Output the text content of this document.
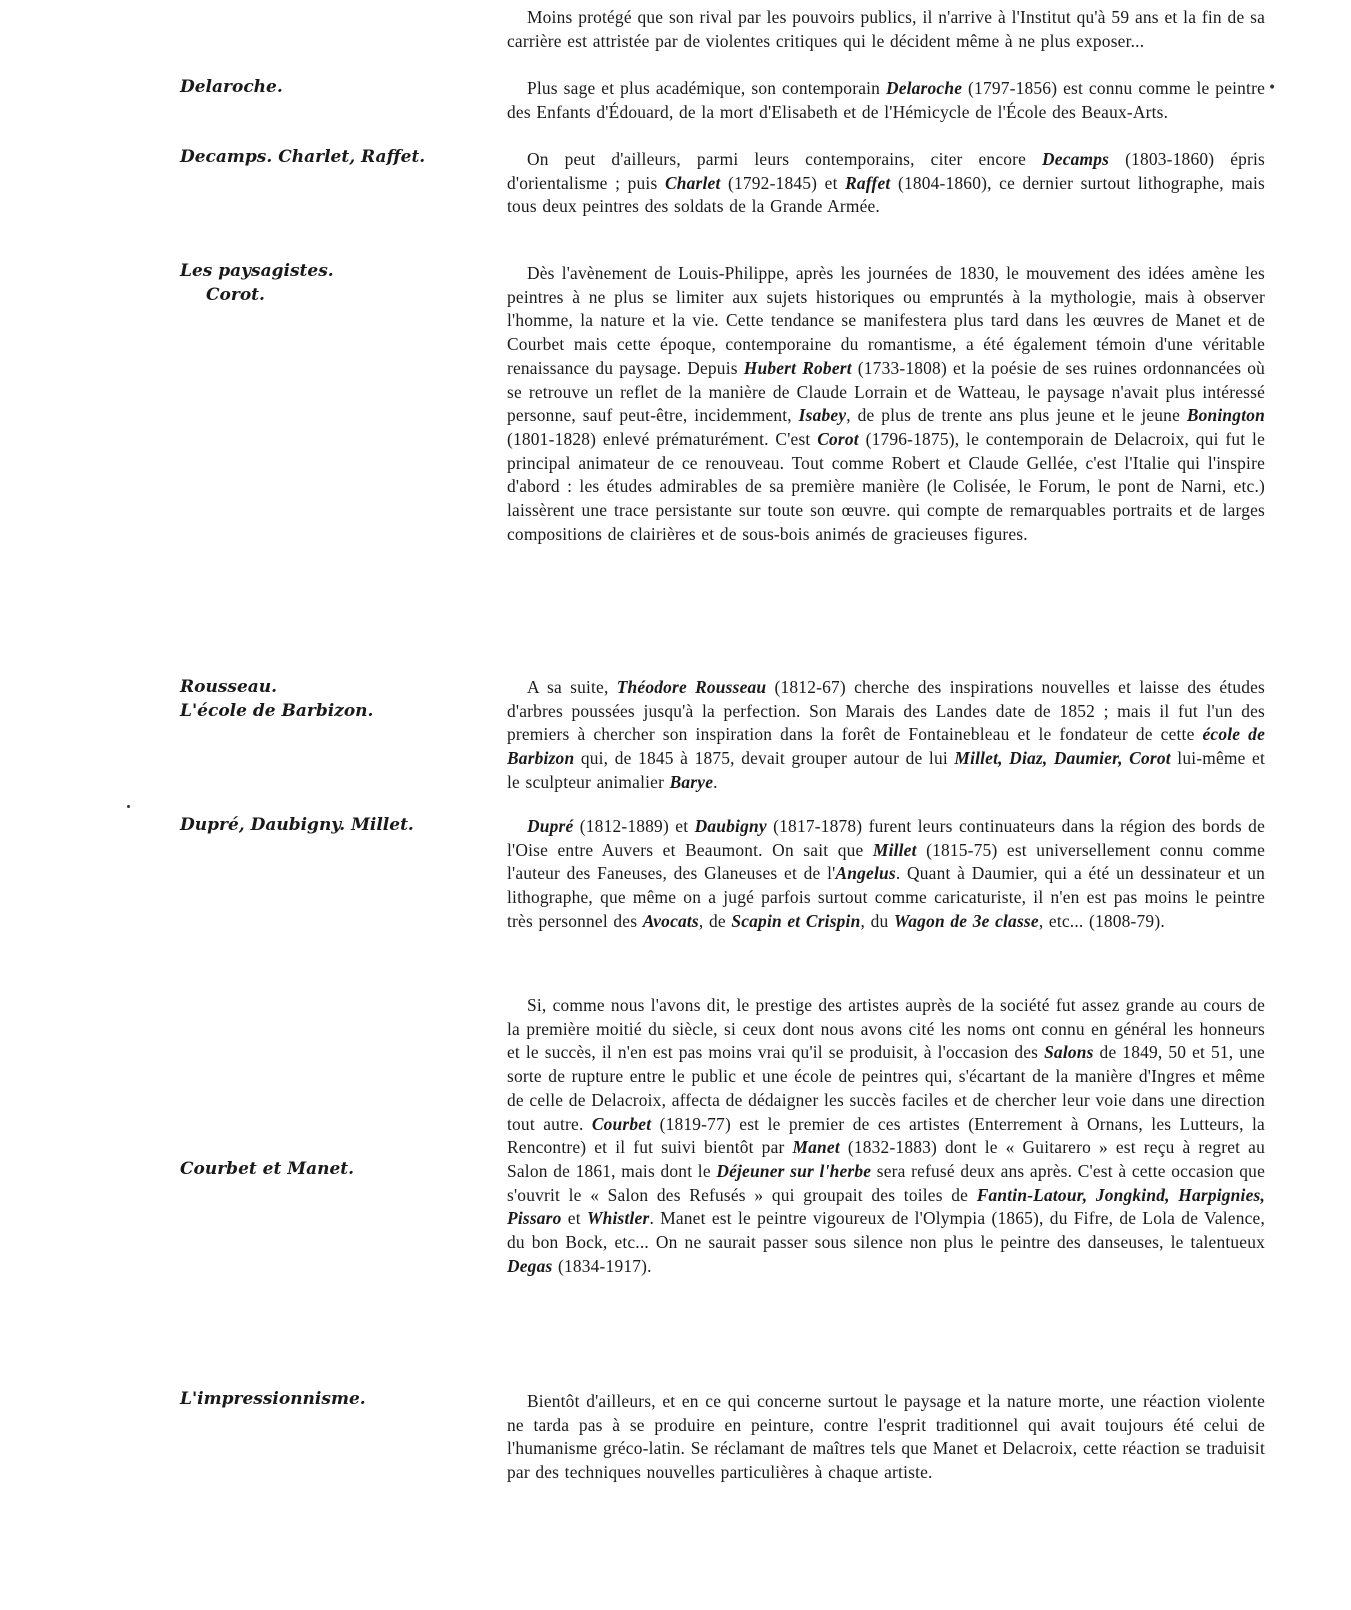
Delaroche.
Decamps. Charlet, Raffet.
Les paysagistes.
Corot.
Rousseau.
L'école de Barbizon.
Dupré, Daubigny. Millet.
Courbet et Manet.
L'impressionnisme.
Moins protégé que son rival par les pouvoirs publics, il n'arrive à l'Institut qu'à 59 ans et la fin de sa carrière est attristée par de violentes critiques qui le décident même à ne plus exposer...
Plus sage et plus académique, son contemporain Delaroche (1797-1856) est connu comme le peintre des Enfants d'Édouard, de la mort d'Elisabeth et de l'Hémicycle de l'École des Beaux-Arts.
On peut d'ailleurs, parmi leurs contemporains, citer encore Decamps (1803-1860) épris d'orientalisme ; puis Charlet (1792-1845) et Raffet (1804-1860), ce dernier surtout lithographe, mais tous deux peintres des soldats de la Grande Armée.
Dès l'avènement de Louis-Philippe, après les journées de 1830, le mouvement des idées amène les peintres à ne plus se limiter aux sujets historiques ou empruntés à la mythologie, mais à observer l'homme, la nature et la vie. Cette tendance se manifestera plus tard dans les œuvres de Manet et de Courbet mais cette époque, contemporaine du romantisme, a été également témoin d'une véritable renaissance du paysage. Depuis Hubert Robert (1733-1808) et la poésie de ses ruines ordonnancées où se retrouve un reflet de la manière de Claude Lorrain et de Watteau, le paysage n'avait plus intéressé personne, sauf peut-être, incidemment, Isabey, de plus de trente ans plus jeune et le jeune Bonington (1801-1828) enlevé prématurément. C'est Corot (1796-1875), le contemporain de Delacroix, qui fut le principal animateur de ce renouveau. Tout comme Robert et Claude Gellée, c'est l'Italie qui l'inspire d'abord : les études admirables de sa première manière (le Colisée, le Forum, le pont de Narni, etc.) laissèrent une trace persistante sur toute son œuvre. qui compte de remarquables portraits et de larges compositions de clairières et de sous-bois animés de gracieuses figures.
A sa suite, Théodore Rousseau (1812-67) cherche des inspirations nouvelles et laisse des études d'arbres poussées jusqu'à la perfection. Son Marais des Landes date de 1852 ; mais il fut l'un des premiers à chercher son inspiration dans la forêt de Fontainebleau et le fondateur de cette école de Barbizon qui, de 1845 à 1875, devait grouper autour de lui Millet, Diaz, Daumier, Corot lui-même et le sculpteur animalier Barye.
Dupré (1812-1889) et Daubigny (1817-1878) furent leurs continuateurs dans la région des bords de l'Oise entre Auvers et Beaumont. On sait que Millet (1815-75) est universellement connu comme l'auteur des Faneuses, des Glaneuses et de l'Angelus. Quant à Daumier, qui a été un dessinateur et un lithographe, que même on a jugé parfois surtout comme caricaturiste, il n'en est pas moins le peintre très personnel des Avocats, de Scapin et Crispin, du Wagon de 3e classe, etc... (1808-79).
Si, comme nous l'avons dit, le prestige des artistes auprès de la société fut assez grande au cours de la première moitié du siècle, si ceux dont nous avons cité les noms ont connu en général les honneurs et le succès, il n'en est pas moins vrai qu'il se produisit, à l'occasion des Salons de 1849, 50 et 51, une sorte de rupture entre le public et une école de peintres qui, s'écartant de la manière d'Ingres et même de celle de Delacroix, affecta de dédaigner les succès faciles et de chercher leur voie dans une direction tout autre. Courbet (1819-77) est le premier de ces artistes (Enterrement à Ornans, les Lutteurs, la Rencontre) et il fut suivi bientôt par Manet (1832-1883) dont le « Guitarero » est reçu à regret au Salon de 1861, mais dont le Déjeuner sur l'herbe sera refusé deux ans après. C'est à cette occasion que s'ouvrit le « Salon des Refusés » qui groupait des toiles de Fantin-Latour, Jongkind, Harpignies, Pissaro et Whistler. Manet est le peintre vigoureux de l'Olympia (1865), du Fifre, de Lola de Valence, du bon Bock, etc... On ne saurait passer sous silence non plus le peintre des danseuses, le talentueux Degas (1834-1917).
Bientôt d'ailleurs, et en ce qui concerne surtout le paysage et la nature morte, une réaction violente ne tarda pas à se produire en peinture, contre l'esprit traditionnel qui avait toujours été celui de l'humanisme gréco-latin. Se réclamant de maîtres tels que Manet et Delacroix, cette réaction se traduisit par des techniques nouvelles particulières à chaque artiste.
•
